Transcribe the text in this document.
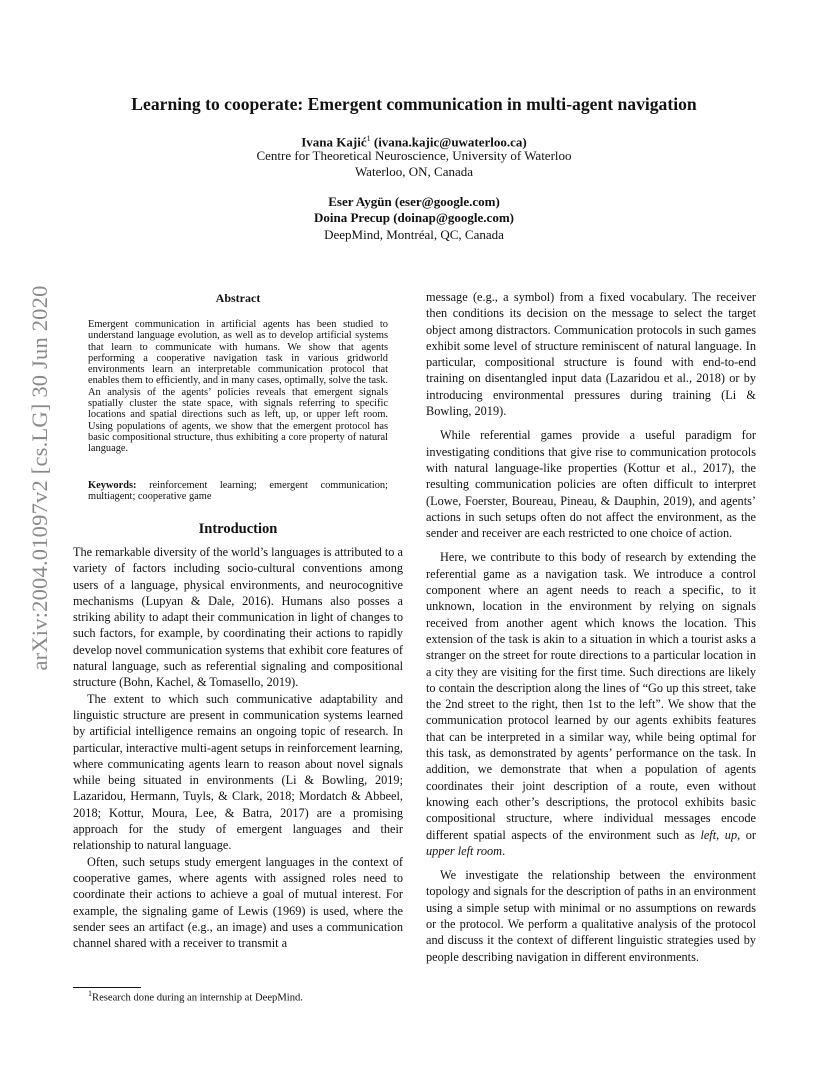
arXiv:2004.01097v2 [cs.LG] 30 Jun 2020
Learning to cooperate: Emergent communication in multi-agent navigation
Ivana Kajić$^1$ (ivana.kajic@uwaterloo.ca)
Centre for Theoretical Neuroscience, University of Waterloo
Waterloo, ON, Canada
Eser Aygün (eser@google.com)
Doina Precup (doinap@google.com)
DeepMind, Montréal, QC, Canada
Abstract
Emergent communication in artificial agents has been studied to understand language evolution, as well as to develop artificial systems that learn to communicate with humans. We show that agents performing a cooperative navigation task in various gridworld environments learn an interpretable communication protocol that enables them to efficiently, and in many cases, optimally, solve the task. An analysis of the agents’ policies reveals that emergent signals spatially cluster the state space, with signals referring to specific locations and spatial directions such as left, up, or upper left room. Using populations of agents, we show that the emergent protocol has basic compositional structure, thus exhibiting a core property of natural language.
Keywords: reinforcement learning; emergent communication; multiagent; cooperative game
Introduction

The remarkable diversity of the world’s languages is attributed to a variety of factors including socio-cultural conventions among users of a language, physical environments, and neurocognitive mechanisms (Lupyan & Dale, 2016). Humans also posses a striking ability to adapt their communication in light of changes to such factors, for example, by coordinating their actions to rapidly develop novel communication systems that exhibit core features of natural language, such as referential signaling and compositional structure (Bohn, Kachel, & Tomasello, 2019).

The extent to which such communicative adaptability and linguistic structure are present in communication systems learned by artificial intelligence remains an ongoing topic of research. In particular, interactive multi-agent setups in reinforcement learning, where communicating agents learn to reason about novel signals while being situated in environments (Li & Bowling, 2019; Lazaridou, Hermann, Tuyls, & Clark, 2018; Mordatch & Abbeel, 2018; Kottur, Moura, Lee, & Batra, 2017) are a promising approach for the study of emergent languages and their relationship to natural language.

Often, such setups study emergent languages in the context of cooperative games, where agents with assigned roles need to coordinate their actions to achieve a goal of mutual interest. For example, the signaling game of Lewis (1969) is used, where the sender sees an artifact (e.g., an image) and uses a communication channel shared with a receiver to transmit a

message (e.g., a symbol) from a fixed vocabulary. The receiver then conditions its decision on the message to select the target object among distractors. Communication protocols in such games exhibit some level of structure reminiscent of natural language. In particular, compositional structure is found with end-to-end training on disentangled input data (Lazaridou et al., 2018) or by introducing environmental pressures during training (Li & Bowling, 2019).

While referential games provide a useful paradigm for investigating conditions that give rise to communication protocols with natural language-like properties (Kottur et al., 2017), the resulting communication policies are often difficult to interpret (Lowe, Foerster, Boureau, Pineau, & Dauphin, 2019), and agents’ actions in such setups often do not affect the environment, as the sender and receiver are each restricted to one choice of action.

Here, we contribute to this body of research by extending the referential game as a navigation task. We introduce a control component where an agent needs to reach a specific, to it unknown, location in the environment by relying on signals received from another agent which knows the location. This extension of the task is akin to a situation in which a tourist asks a stranger on the street for route directions to a particular location in a city they are visiting for the first time. Such directions are likely to contain the description along the lines of “Go up this street, take the 2nd street to the right, then 1st to the left”. We show that the communication protocol learned by our agents exhibits features that can be interpreted in a similar way, while being optimal for this task, as demonstrated by agents’ performance on the task. In addition, we demonstrate that when a population of agents coordinates their joint description of a route, even without knowing each other’s descriptions, the protocol exhibits basic compositional structure, where individual messages encode different spatial aspects of the environment such as left, up, or upper left room.

We investigate the relationship between the environment topology and signals for the description of paths in an environment using a simple setup with minimal or no assumptions on rewards or the protocol. We perform a qualitative analysis of the protocol and discuss it the context of different linguistic strategies used by people describing navigation in different environments.

$^1$Research done during an internship at DeepMind.
